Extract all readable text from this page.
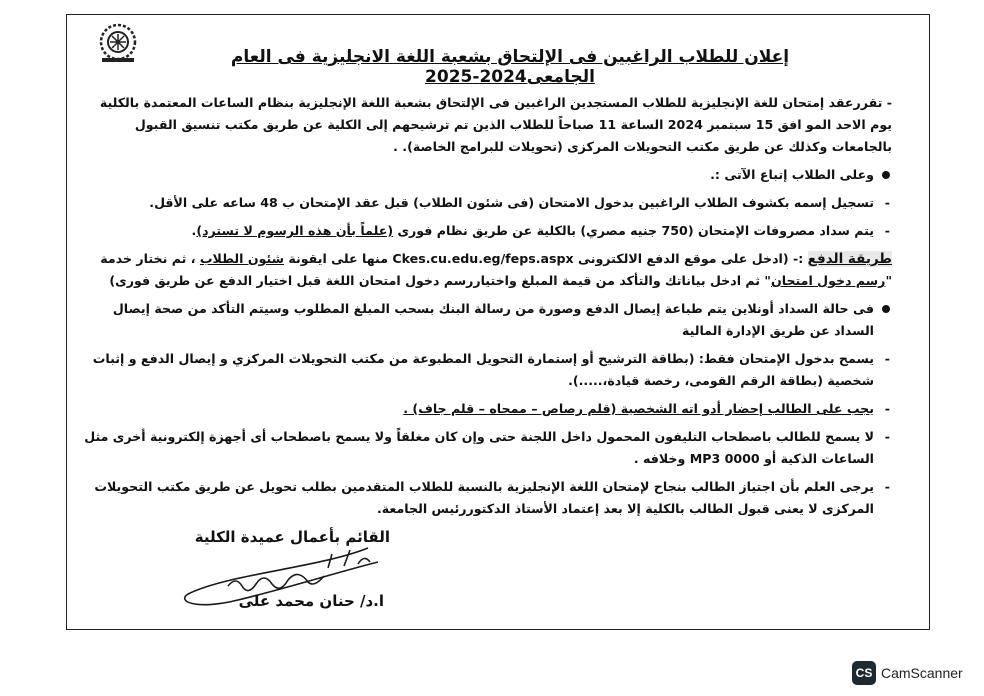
إعلان للطلاب الراغبين فى الإلتحاق بشعبة اللغة الانجليزية فى العام الجامعى2024-2025

- تقررعقد إمتحان للغة الإنجليزية للطلاب المستجدين الراغبين فى الإلتحاق بشعبة اللغة الإنجليزية بنظام الساعات المعتمدة بالكلية يوم الاحد المو افق 15 سبتمبر 2024 الساعة 11 صباحاً للطلاب الذين تم ترشيحهم إلى الكلية عن طريق مكتب تنسيق القبول بالجامعات وكذلك عن طريق مكتب التحويلات المركزى (تحويلات للبرامج الخاصة). .

وعلى الطلاب إتباع الآتى :.

- تسجيل إسمه بكشوف الطلاب الراغبين بدخول الامتحان (فى شئون الطلاب) قبل عقد الإمتحان ب 48 ساعه على الأقل.

- يتم سداد مصروفات الإمتحان (750 جنيه مصري) بالكلية عن طريق نظام فورى (علماً بأن هذه الرسوم لا تسترد).

طريقة الدفع :- (ادخل على موقع الدفع الالكترونى Ckes.cu.edu.eg/feps.aspx منها على ايقونة شئون الطلاب ، ثم نختار خدمة "رسم دخول امتحان" ثم ادخل بياناتك والتأكد من قيمة المبلغ واختياررسم دخول امتحان اللغة قبل اختيار الدفع عن طريق فورى)

فى حالة السداد أونلاين يتم طباعة إيصال الدفع وصورة من رسالة البنك بسحب المبلغ المطلوب وسيتم التأكد من صحة إيصال السداد عن طريق الإدارة المالية

- يسمح بدخول الإمتحان فقط: (بطاقة الترشيح أو إستمارة التحويل المطبوعة من مكتب التحويلات المركزي و إيصال الدفع و إثبات شخصية (بطاقة الرقم القومى، رخصة قيادة،.....).

- يجب على الطالب إحضار أدو اته الشخصية (قلم رصاص – ممحاه – قلم جاف) .

- لا يسمح للطالب باصطحاب التليفون المحمول داخل اللجنة حتى وإن كان مغلقاً ولا يسمح باصطحاب أى أجهزة إلكترونية أخرى مثل الساعات الذكية أو MP3 0000 وخلافه .

- يرجى العلم بأن اجتياز الطالب بنجاح لإمتحان اللغة الإنجليزية بالنسبة للطلاب المتقدمين بطلب تحويل عن طريق مكتب التحويلات المركزى لا يعنى قبول الطالب بالكلية إلا بعد إعتماد الأستاذ الدكتوررئيس الجامعة.

القائم بأعمال عميدة الكلية
ا.د/ حنان محمد على
CS CamScanner
